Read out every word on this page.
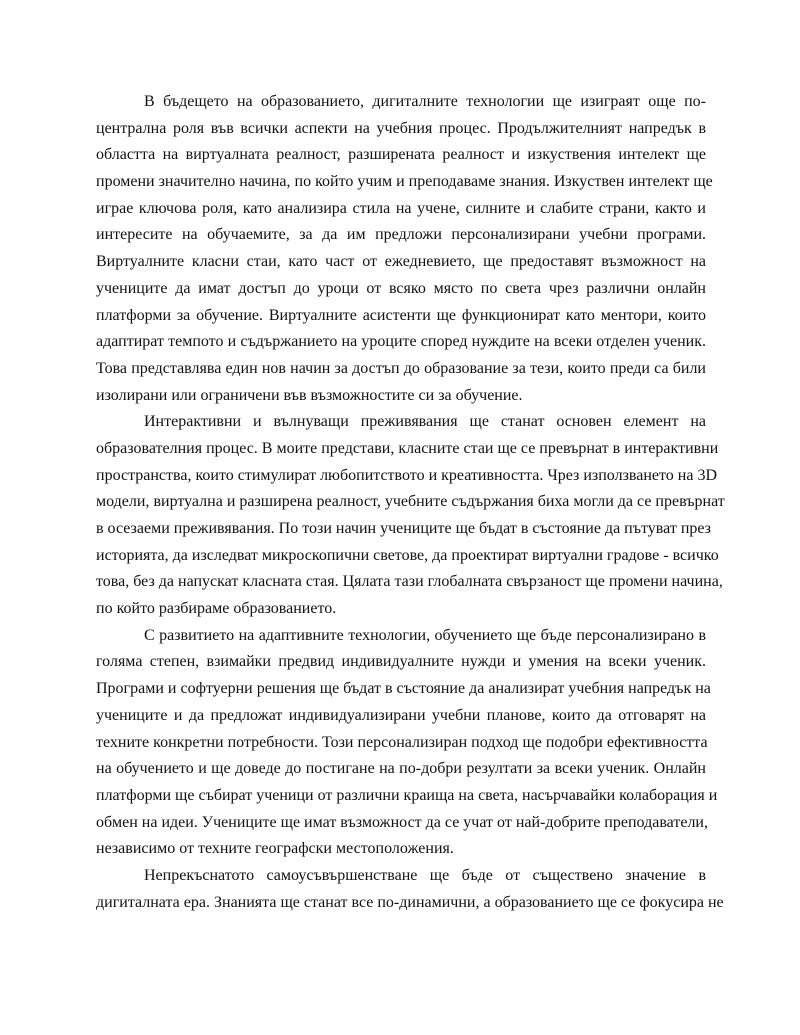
В бъдещето на образованието, дигиталните технологии ще изиграят още по-
централна роля във всички аспекти на учебния процес. Продължителният напредък в
областта на виртуалната реалност, разширената реалност и изкуствения интелект ще
промени значително начина, по който учим и преподаваме знания. Изкуствен интелект ще
играе ключова роля, като анализира стила на учене, силните и слабите страни, както и
интересите на обучаемите, за да им предложи персонализирани учебни програми.
Виртуалните класни стаи, като част от ежедневието, ще предоставят възможност на
учениците да имат достъп до уроци от всяко място по света чрез различни онлайн
платформи за обучение. Виртуалните асистенти ще функционират като ментори, които
адаптират темпото и съдържанието на уроците според нуждите на всеки отделен ученик.
Това представлява един нов начин за достъп до образование за тези, които преди са били
изолирани или ограничени във възможностите си за обучение.
Интерактивни и вълнуващи преживявания ще станат основен елемент на
образователния процес. В моите представи, класните стаи ще се превърнат в интерактивни
пространства, които стимулират любопитството и креативността. Чрез използването на 3D
модели, виртуална и разширена реалност, учебните съдържания биха могли да се превърнат
в осезаеми преживявания. По този начин учениците ще бъдат в състояние да пътуват през
историята, да изследват микроскопични светове, да проектират виртуални градове - всичко
това, без да напускат класната стая. Цялата тази глобалната свързаност ще промени начина,
по който разбираме образованието.
С развитието на адаптивните технологии, обучението ще бъде персонализирано в
голяма степен, взимайки предвид индивидуалните нужди и умения на всеки ученик.
Програми и софтуерни решения ще бъдат в състояние да анализират учебния напредък на
учениците и да предложат индивидуализирани учебни планове, които да отговарят на
техните конкретни потребности. Този персонализиран подход ще подобри ефективността
на обучението и ще доведе до постигане на по-добри резултати за всеки ученик. Онлайн
платформи ще събират ученици от различни краища на света, насърчавайки колаборация и
обмен на идеи. Учениците ще имат възможност да се учат от най-добрите преподаватели,
независимо от техните географски местоположения.
Непрекъснатото самоусъвършенстване ще бъде от съществено значение в
дигиталната ера. Знанията ще станат все по-динамични, а образованието ще се фокусира не
